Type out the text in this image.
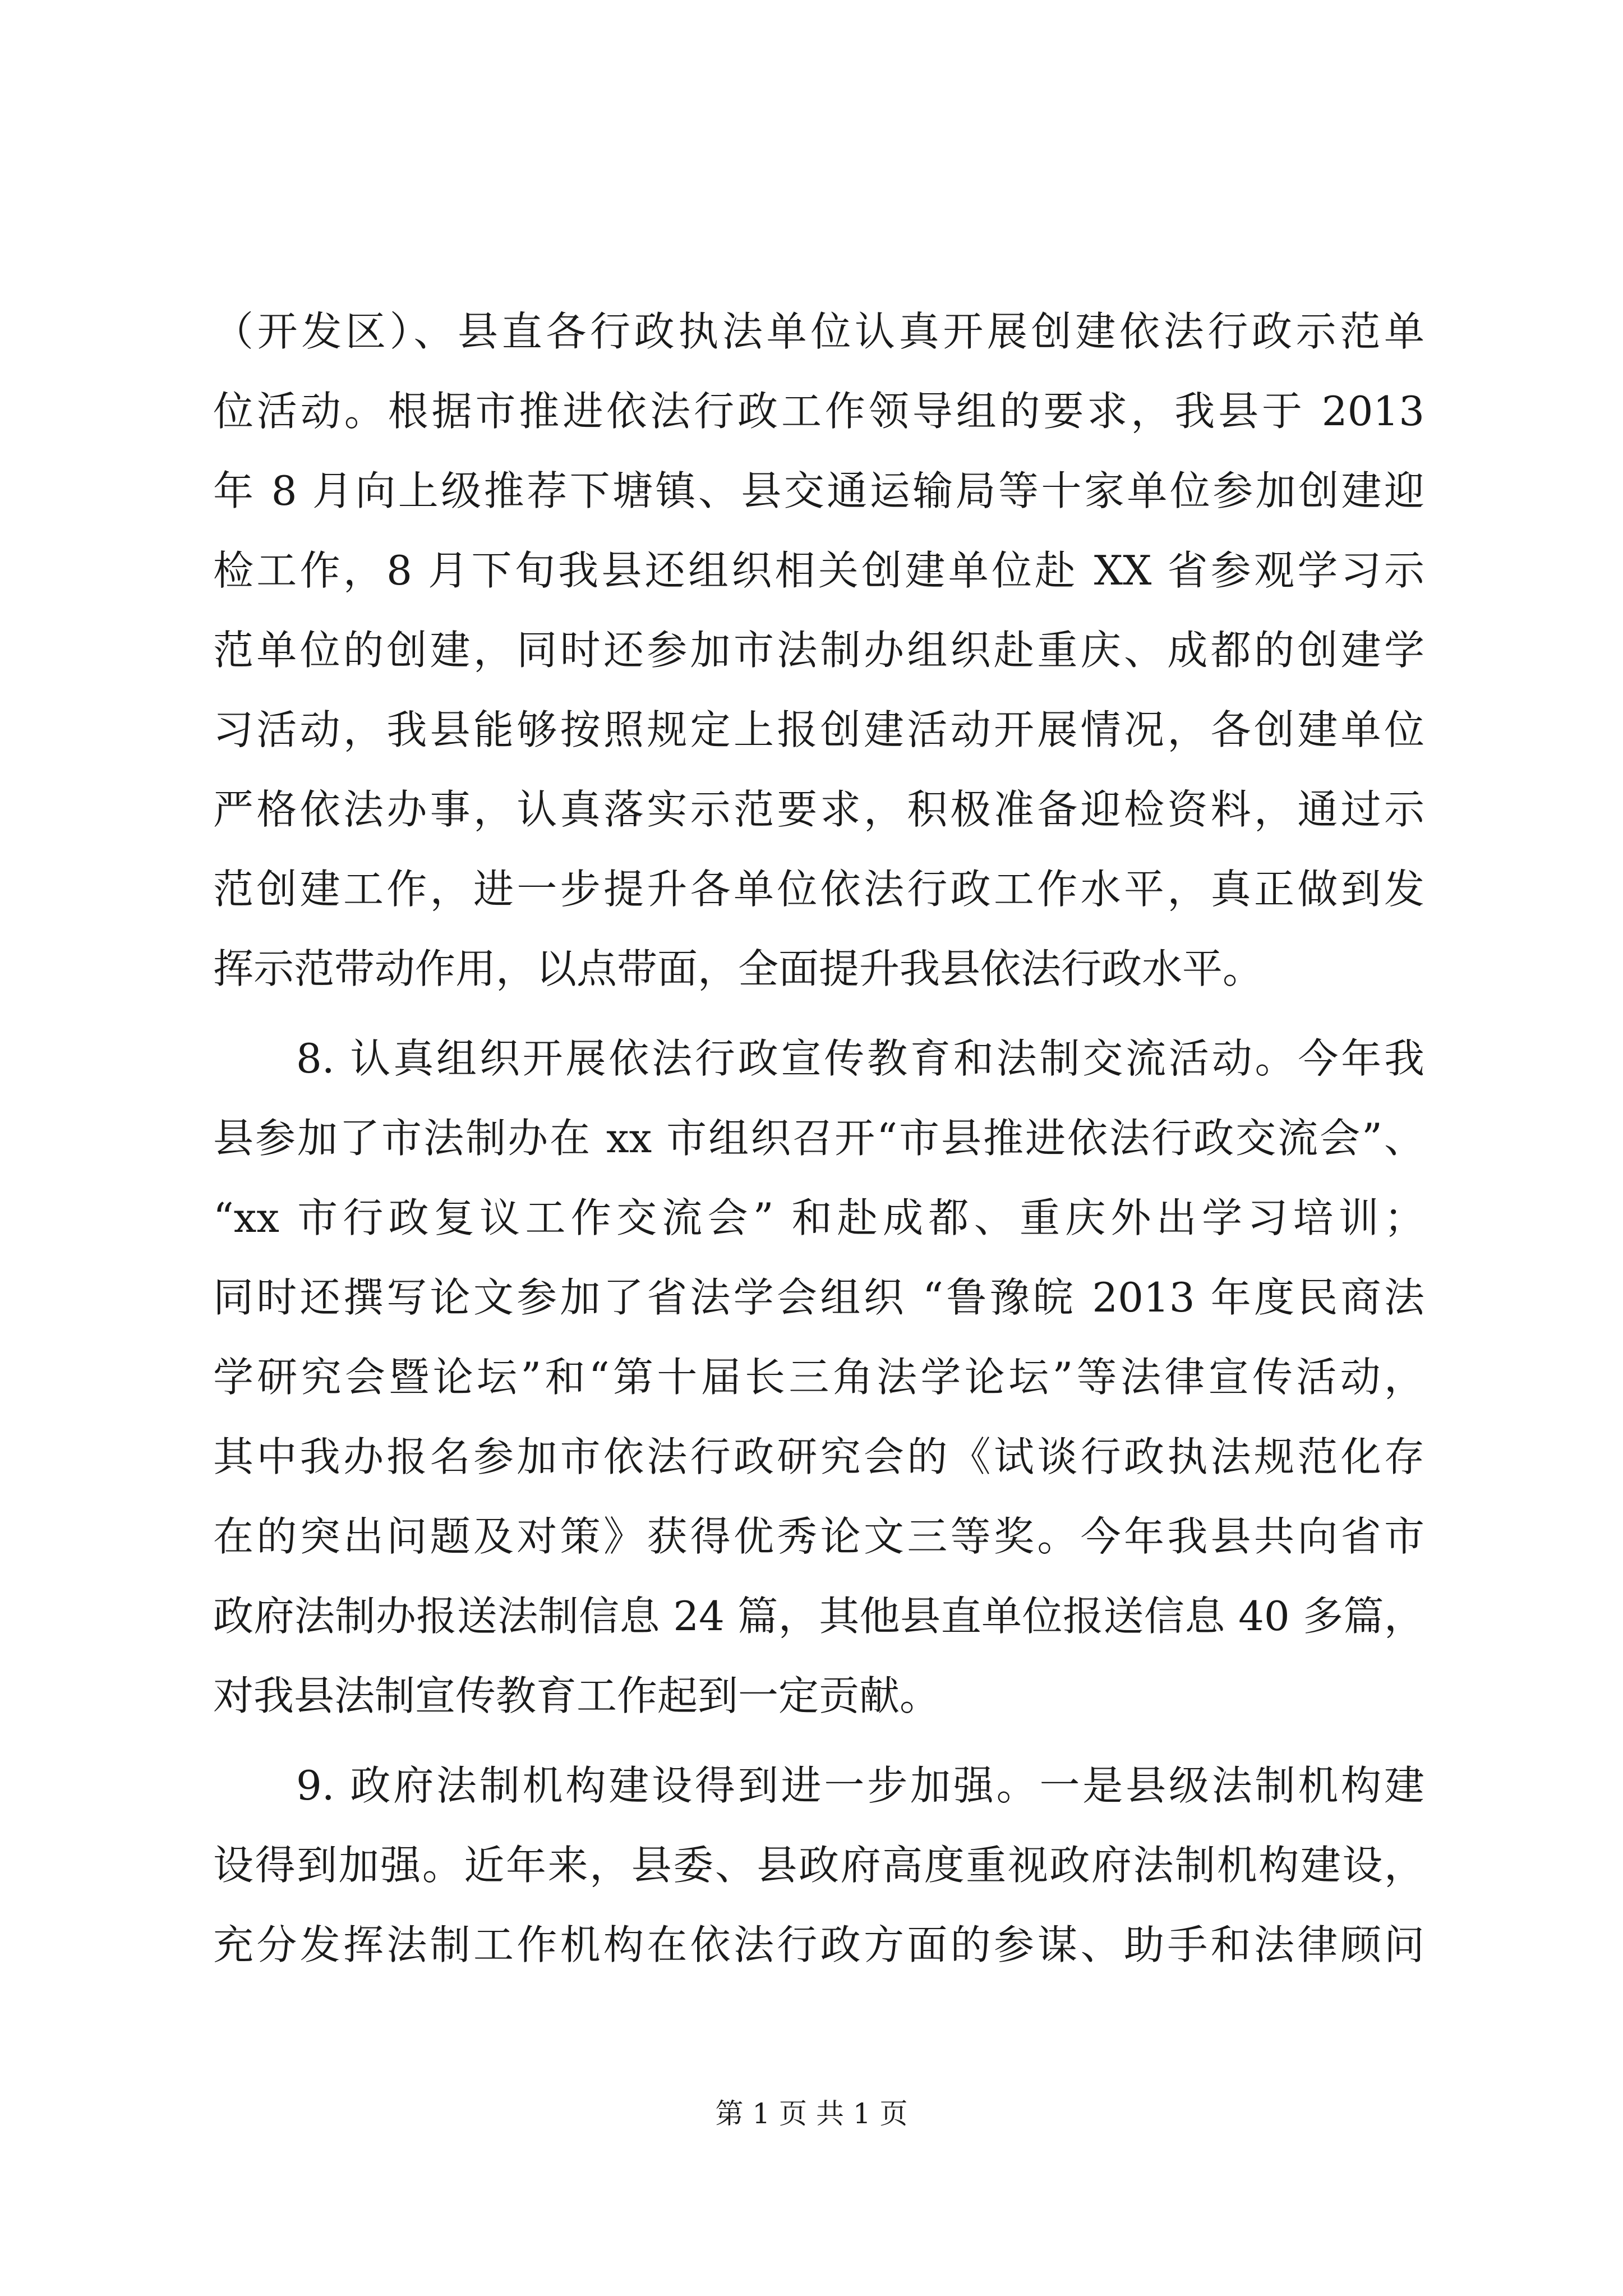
（开发区）、县直各行政执法单位认真开展创建依法行政示范单
位活动。根据市推进依法行政工作领导组的要求，我县于 2013
年 8 月向上级推荐下塘镇、县交通运输局等十家单位参加创建迎
检工作，8 月下旬我县还组织相关创建单位赴 XX 省参观学习示
范单位的创建，同时还参加市法制办组织赴重庆、成都的创建学
习活动，我县能够按照规定上报创建活动开展情况，各创建单位
严格依法办事，认真落实示范要求，积极准备迎检资料，通过示
范创建工作，进一步提升各单位依法行政工作水平，真正做到发
挥示范带动作用，以点带面，全面提升我县依法行政水平。
8. 认真组织开展依法行政宣传教育和法制交流活动。今年我
县参加了市法制办在 xx 市组织召开“市县推进依法行政交流会”、
“xx 市行政复议工作交流会” 和赴成都、重庆外出学习培训；
同时还撰写论文参加了省法学会组织 “鲁豫皖 2013 年度民商法
学研究会暨论坛”和“第十届长三角法学论坛”等法律宣传活动，
其中我办报名参加市依法行政研究会的《试谈行政执法规范化存
在的突出问题及对策》获得优秀论文三等奖。今年我县共向省市
政府法制办报送法制信息 24 篇，其他县直单位报送信息 40 多篇，
对我县法制宣传教育工作起到一定贡献。
9. 政府法制机构建设得到进一步加强。一是县级法制机构建
设得到加强。近年来，县委、县政府高度重视政府法制机构建设，
充分发挥法制工作机构在依法行政方面的参谋、助手和法律顾问
第 1 页 共 1 页
